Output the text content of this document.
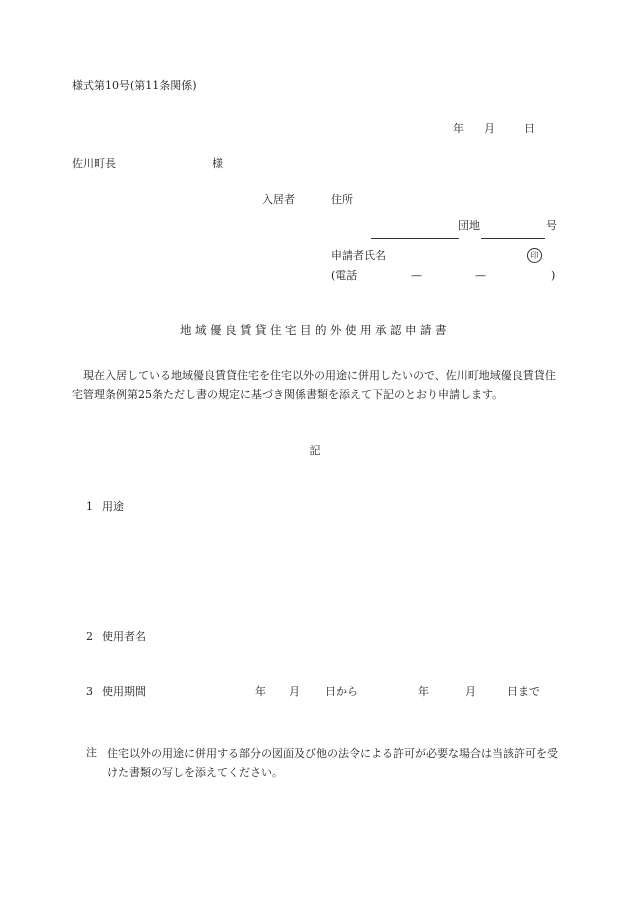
様式第10号(第11条関係)
年 月	日
佐川町長	様
入居者	住所
団地	号
申請者氏名	印
(電話	—	—	)
地域優良賃貸住宅目的外使用承認申請書
現在入居している地域優良賃貸住宅を住宅以外の用途に併用したいので、佐川町地域優良賃貸住宅管理条例第25条ただし書の規定に基づき関係書類を添えて下記のとおり申請します。
記
1 用途
2 使用者名
3 使用期間	年 月 日から	年	月	日まで
注 住宅以外の用途に併用する部分の図面及び他の法令による許可が必要な場合は当該許可を受けた書類の写しを添えてください。
